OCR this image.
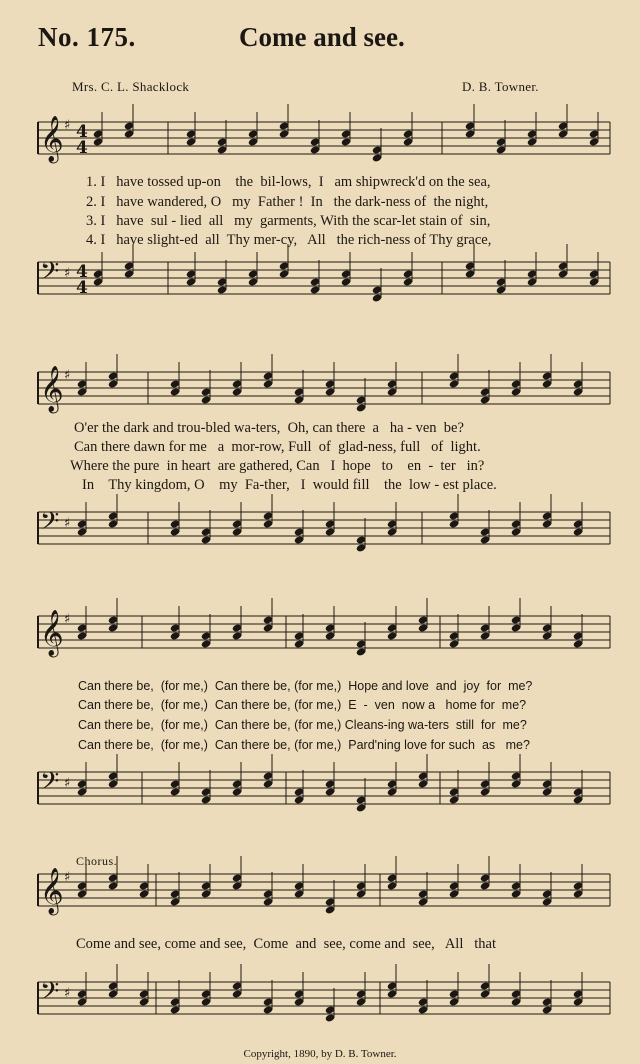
No. 175.	Come and see.
Mrs. C. L. Shacklock	D. B. Towner.
𝄞 ♯ 4
4
𝄢 ♯ 4
4
1. I   have tossed up-on    the  bil-lows,  I   am shipwreck'd on the sea,
2. I   have wandered, O   my  Father !  In   the dark-ness of  the night,
3. I   have  sul - lied  all   my  garments, With the scar-let stain of  sin,
4. I   have slight-ed  all  Thy mer-cy,   All   the rich-ness of Thy grace,
𝄞 ♯
𝄢 ♯
O'er the dark and trou-bled wa-ters,  Oh, can there  a   ha - ven  be?
Can there dawn for me   a  mor-row, Full  of  glad-ness, full   of  light.
Where the pure  in heart  are gathered, Can   I  hope   to    en  -  ter   in?
In    Thy kingdom, O    my  Fa-ther,   I  would fill    the  low - est place.
𝄞 ♯
𝄢 ♯
Can there be,  (for me,)  Can there be, (for me,)  Hope and love  and  joy  for  me?
Can there be,  (for me,)  Can there be, (for me,)  E  -  ven  now a   home for  me?
Can there be,  (for me,)  Can there be, (for me,) Cleans-ing wa-ters  still  for  me?
Can there be,  (for me,)  Can there be, (for me,)  Pard'ning love for such  as   me?
Chorus.
𝄞 ♯
𝄢 ♯
Come and see, come and see,  Come  and  see, come and  see,   All   that
Copyright, 1890, by D. B. Towner.
